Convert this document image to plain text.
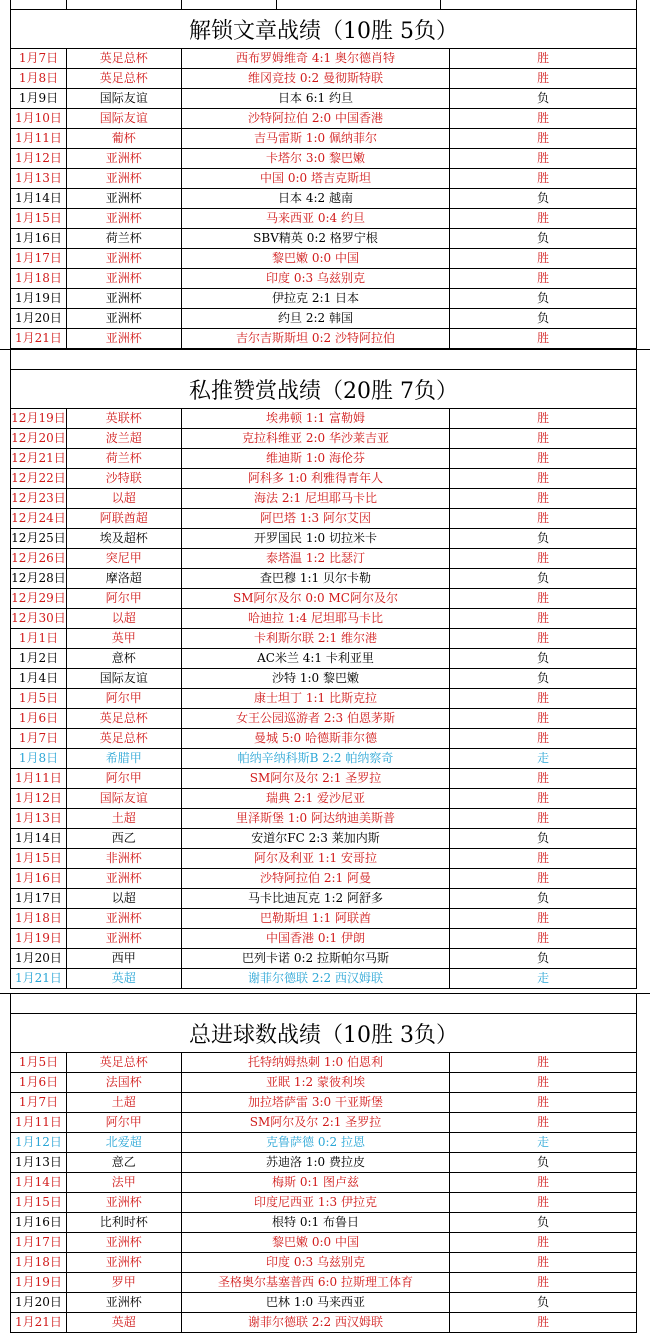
解锁文章战绩（10胜 5负）
1月7日	英足总杯	西布罗姆维奇 4:1 奥尔德肖特	胜
1月8日	英足总杯	维冈竞技 0:2 曼彻斯特联	胜
1月9日	国际友谊	日本 6:1 约旦	负
1月10日	国际友谊	沙特阿拉伯 2:0 中国香港	胜
1月11日	葡杯	吉马雷斯 1:0 佩纳菲尔	胜
1月12日	亚洲杯	卡塔尔 3:0 黎巴嫩	胜
1月13日	亚洲杯	中国 0:0 塔吉克斯坦	胜
1月14日	亚洲杯	日本 4:2 越南	负
1月15日	亚洲杯	马来西亚 0:4 约旦	胜
1月16日	荷兰杯	SBV精英 0:2 格罗宁根	负
1月17日	亚洲杯	黎巴嫩 0:0 中国	胜
1月18日	亚洲杯	印度 0:3 乌兹别克	胜
1月19日	亚洲杯	伊拉克 2:1 日本	负
1月20日	亚洲杯	约旦 2:2 韩国	负
1月21日	亚洲杯	吉尔吉斯斯坦 0:2 沙特阿拉伯	胜
私推赞赏战绩（20胜 7负）
12月19日	英联杯	埃弗顿 1:1 富勒姆	胜
12月20日	波兰超	克拉科维亚 2:0 华沙莱吉亚	胜
12月21日	荷兰杯	维迪斯 1:0 海伦芬	胜
12月22日	沙特联	阿科多 1:0 利雅得青年人	胜
12月23日	以超	海法 2:1 尼坦耶马卡比	胜
12月24日	阿联酋超	阿巴塔 1:3 阿尔艾因	胜
12月25日	埃及超杯	开罗国民 1:0 切拉米卡	负
12月26日	突尼甲	泰塔温 1:2 比瑟汀	胜
12月28日	摩洛超	查巴穆 1:1 贝尔卡勒	负
12月29日	阿尔甲	SM阿尔及尔 0:0 MC阿尔及尔	胜
12月30日	以超	哈迪拉 1:4 尼坦耶马卡比	胜
1月1日	英甲	卡利斯尔联 2:1 维尔港	胜
1月2日	意杯	AC米兰 4:1 卡利亚里	负
1月4日	国际友谊	沙特 1:0 黎巴嫩	负
1月5日	阿尔甲	康士坦丁 1:1 比斯克拉	胜
1月6日	英足总杯	女王公园巡游者 2:3 伯恩茅斯	胜
1月7日	英足总杯	曼城 5:0 哈德斯菲尔德	胜
1月8日	希腊甲	帕纳辛纳科斯B 2:2 帕纳察奇	走
1月11日	阿尔甲	SM阿尔及尔 2:1 圣罗拉	胜
1月12日	国际友谊	瑞典 2:1 爱沙尼亚	胜
1月13日	土超	里泽斯堡 1:0 阿达纳迪美斯普	胜
1月14日	西乙	安道尔FC 2:3 莱加内斯	负
1月15日	非洲杯	阿尔及利亚 1:1 安哥拉	胜
1月16日	亚洲杯	沙特阿拉伯 2:1 阿曼	胜
1月17日	以超	马卡比迪瓦克 1:2 阿舒多	负
1月18日	亚洲杯	巴勒斯坦 1:1 阿联酋	胜
1月19日	亚洲杯	中国香港 0:1 伊朗	胜
1月20日	西甲	巴列卡诺 0:2 拉斯帕尔马斯	负
1月21日	英超	谢菲尔德联 2:2 西汉姆联	走
总进球数战绩（10胜 3负）
1月5日	英足总杯	托特纳姆热刺 1:0 伯恩利	胜
1月6日	法国杯	亚眠 1:2 蒙彼利埃	胜
1月7日	土超	加拉塔萨雷 3:0 干亚斯堡	胜
1月11日	阿尔甲	SM阿尔及尔 2:1 圣罗拉	胜
1月12日	北爱超	克鲁萨德 0:2 拉恩	走
1月13日	意乙	苏迪洛 1:0 费拉皮	负
1月14日	法甲	梅斯 0:1 图卢兹	胜
1月15日	亚洲杯	印度尼西亚 1:3 伊拉克	胜
1月16日	比利时杯	根特 0:1 布鲁日	负
1月17日	亚洲杯	黎巴嫩 0:0 中国	胜
1月18日	亚洲杯	印度 0:3 乌兹别克	胜
1月19日	罗甲	圣格奥尔基塞普西 6:0 拉斯理工体育	胜
1月20日	亚洲杯	巴林 1:0 马来西亚	负
1月21日	英超	谢菲尔德联 2:2 西汉姆联	胜
